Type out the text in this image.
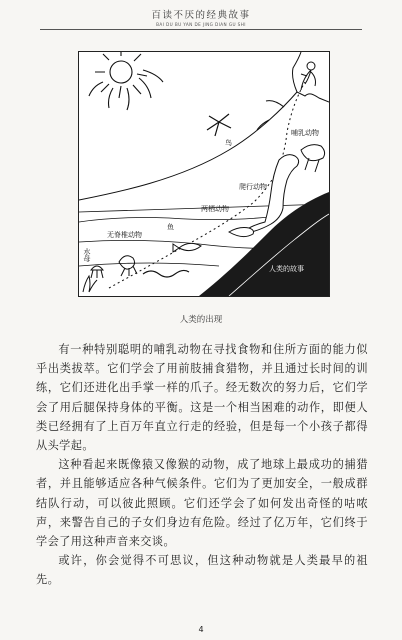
百读不厌的经典故事
BAI DU BU YAN DE JING DIAN GU SHI
哺乳动物
鸟
爬行动物
两栖动物
鱼
无脊椎动物
水母
人类的故事
人类的出现

有一种特别聪明的哺乳动物在寻找食物和住所方面的能力似乎出类拔萃。它们学会了用前肢捕食猎物，并且通过长时间的训练，它们还进化出手掌一样的爪子。经无数次的努力后，它们学会了用后腿保持身体的平衡。这是一个相当困难的动作，即便人类已经拥有了上百万年直立行走的经验，但是每一个小孩子都得从头学起。

这种看起来既像猿又像猴的动物，成了地球上最成功的捕猎者，并且能够适应各种气候条件。它们为了更加安全，一般成群结队行动，可以彼此照顾。它们还学会了如何发出奇怪的咕哝声，来警告自己的子女们身边有危险。经过了亿万年，它们终于学会了用这种声音来交谈。

或许，你会觉得不可思议，但这种动物就是人类最早的祖先。

4
